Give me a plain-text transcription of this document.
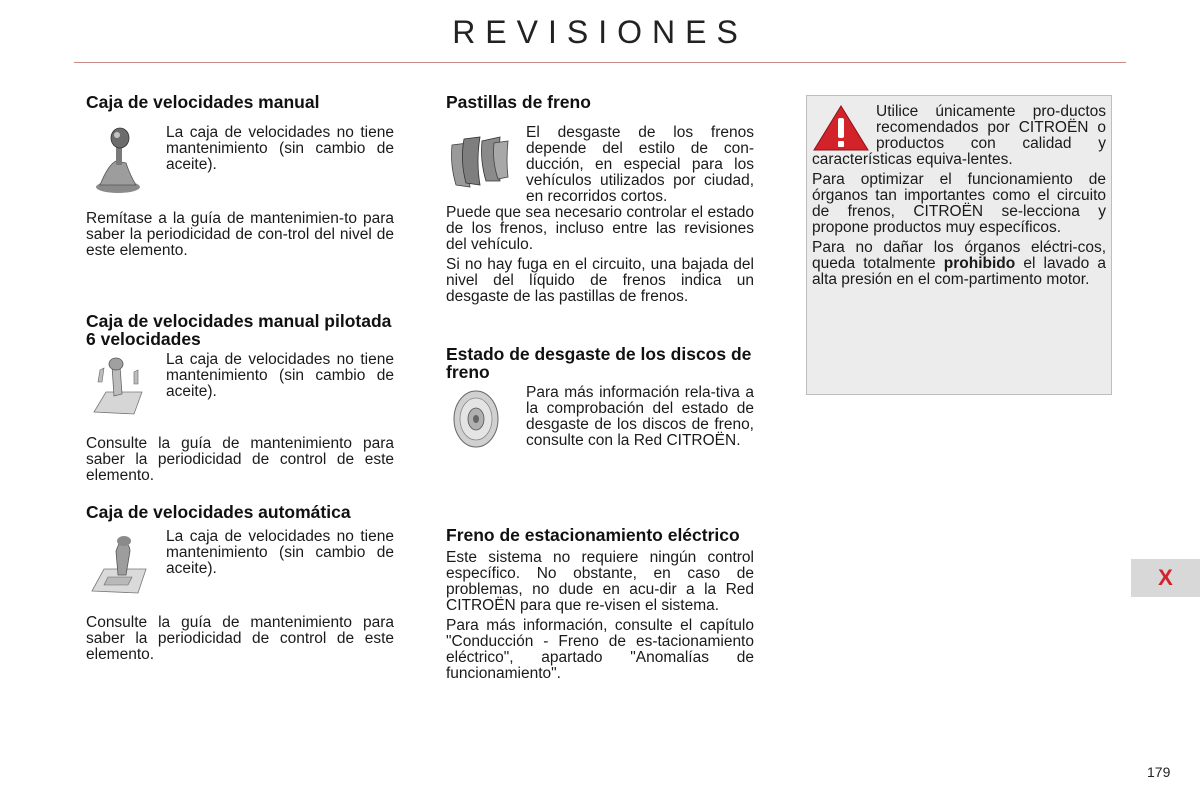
REVISIONES
Caja de velocidades manual

La caja de velocidades no tiene mantenimiento (sin cambio de aceite).

Remítase a la guía de mantenimien-to para saber la periodicidad de con-trol del nivel de este elemento.

Caja de velocidades manual pilotada 6 velocidades

La caja de velocidades no tiene mantenimiento (sin cambio de aceite).

Consulte la guía de mantenimiento para saber la periodicidad de control de este elemento.

Caja de velocidades automática

La caja de velocidades no tiene mantenimiento (sin cambio de aceite).

Consulte la guía de mantenimiento para saber la periodicidad de control de este elemento.

Pastillas de freno

El desgaste de los frenos depende del estilo de con-ducción, en especial para los vehículos utilizados por ciudad, en recorridos cortos.

Puede que sea necesario controlar el estado de los frenos, incluso entre las revisiones del vehículo.

Si no hay fuga en el circuito, una bajada del nivel del líquido de frenos indica un desgaste de las pastillas de frenos.

Estado de desgaste de los discos de freno

Para más información rela-tiva a la comprobación del estado de desgaste de los discos de freno, consulte con la Red CITROËN.

Freno de estacionamiento eléctrico

Este sistema no requiere ningún control específico. No obstante, en caso de problemas, no dude en acu-dir a la Red CITROËN para que re-visen el sistema.

Para más información, consulte el capítulo "Conducción - Freno de es-tacionamiento eléctrico", apartado "Anomalías de funcionamiento".

Utilice únicamente pro-ductos recomendados por CITROËN o productos con calidad y características equiva-lentes.

Para optimizar el funcionamiento de órganos tan importantes como el circuito de frenos, CITROËN se-lecciona y propone productos muy específicos.

Para no dañar los órganos eléctri-cos, queda totalmente prohibido el lavado a alta presión en el com-partimento motor.

X
179
